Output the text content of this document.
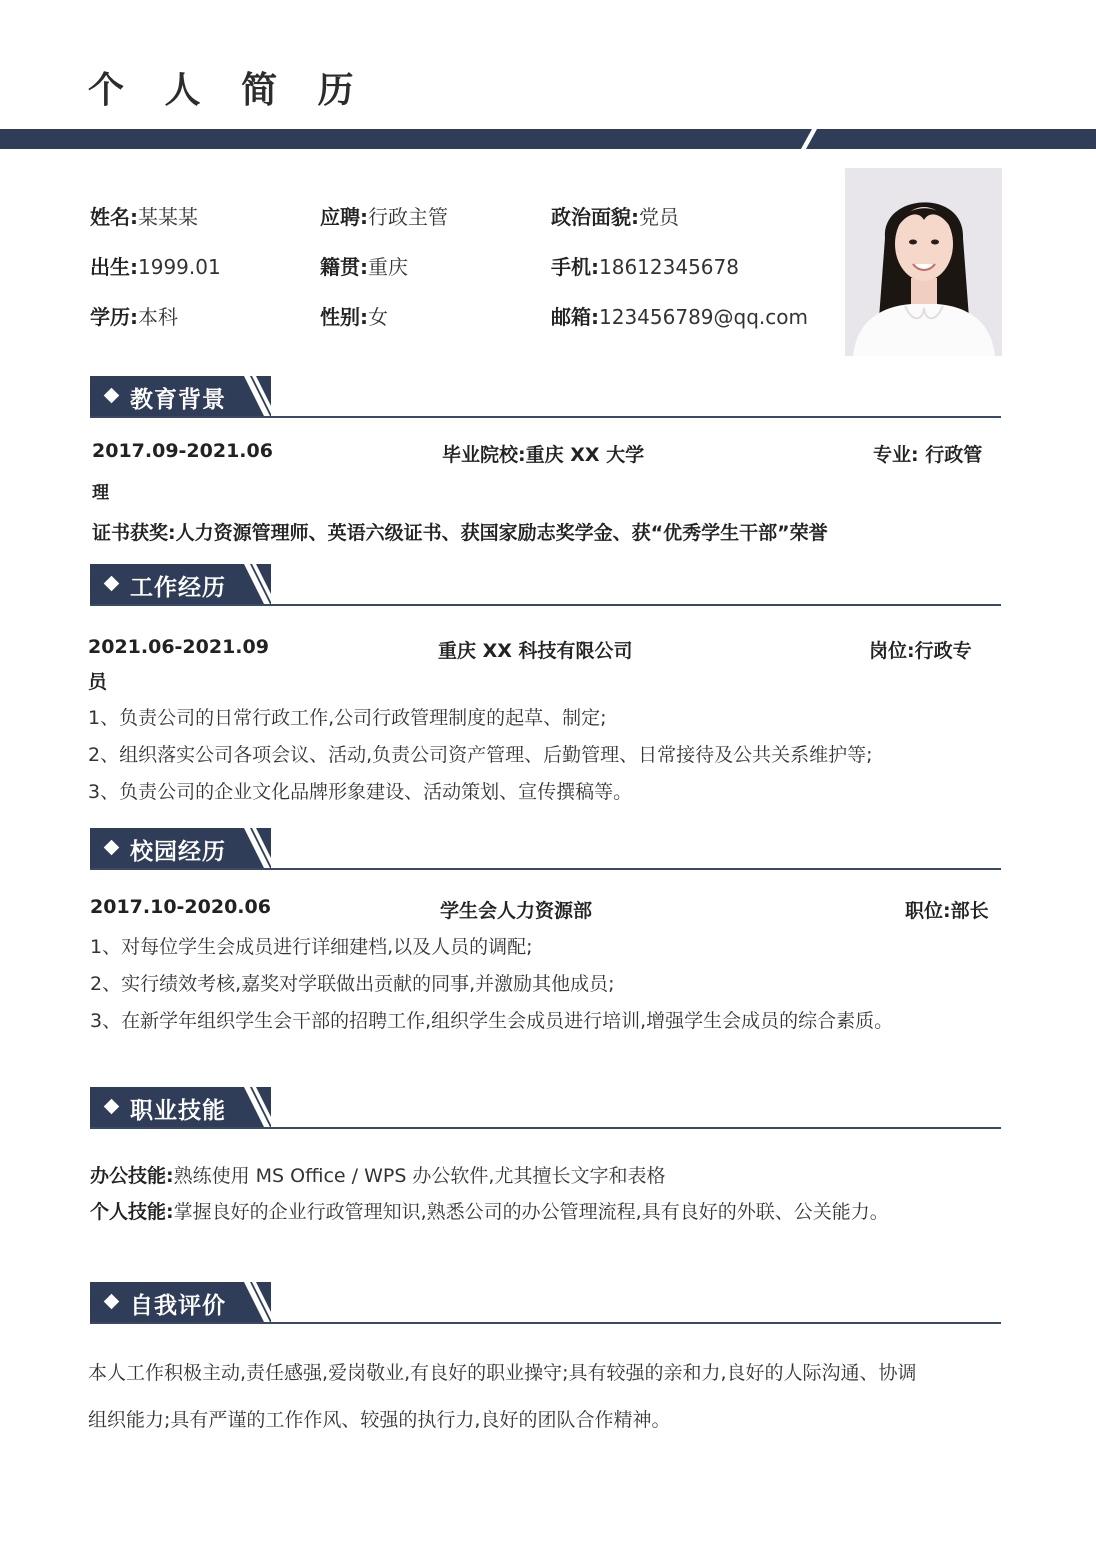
个 人 简 历
姓名:某某某	应聘:行政主管	政治面貌:党员
出生:1999.01	籍贯:重庆	手机:18612345678
学历:本科	性别:女	邮箱:123456789@qq.com
教育背景
2017.09-2021.06	毕业院校:重庆 XX 大学	专业: 行政管
理
证书获奖:人力资源管理师、英语六级证书、获国家励志奖学金、获“优秀学生干部”荣誉
工作经历
2021.06-2021.09	重庆 XX 科技有限公司	岗位:行政专
员
1、负责公司的日常行政工作,公司行政管理制度的起草、制定;
2、组织落实公司各项会议、活动,负责公司资产管理、后勤管理、日常接待及公共关系维护等;
3、负责公司的企业文化品牌形象建设、活动策划、宣传撰稿等。
校园经历
2017.10-2020.06	学生会人力资源部	职位:部长
1、对每位学生会成员进行详细建档,以及人员的调配;
2、实行绩效考核,嘉奖对学联做出贡献的同事,并激励其他成员;
3、在新学年组织学生会干部的招聘工作,组织学生会成员进行培训,增强学生会成员的综合素质。
职业技能
办公技能:熟练使用 MS Office / WPS 办公软件,尤其擅长文字和表格
个人技能:掌握良好的企业行政管理知识,熟悉公司的办公管理流程,具有良好的外联、公关能力。
自我评价
本人工作积极主动,责任感强,爱岗敬业,有良好的职业操守;具有较强的亲和力,良好的人际沟通、协调
组织能力;具有严谨的工作作风、较强的执行力,良好的团队合作精神。
